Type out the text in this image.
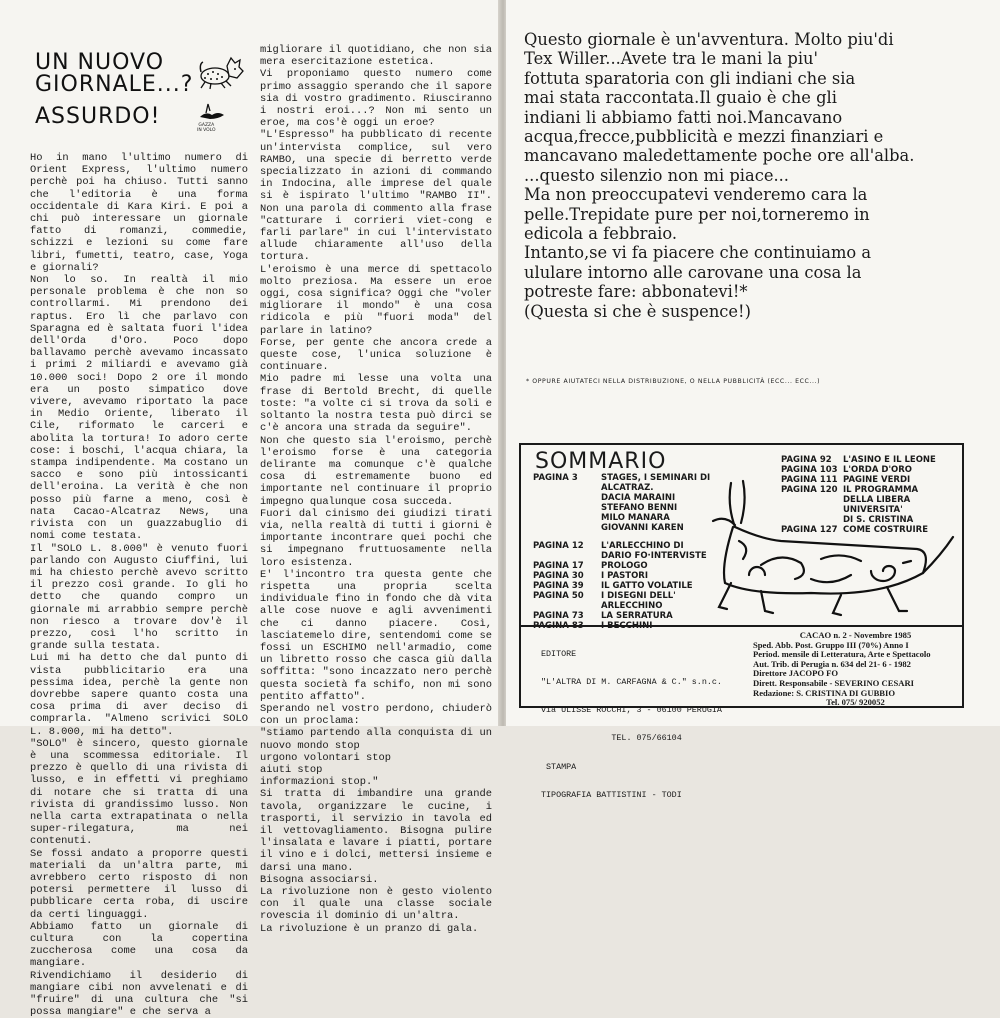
UN NUOVO
GIORNALE...?
ASSURDO!	GAZZA
IN VOLO

Ho in mano l'ultimo numero di Orient Express, l'ultimo numero perchè poi ha chiuso. Tutti sanno che l'editoria è una forma occidentale di Kara Kiri. E poi a chi può interessare un giornale fatto di romanzi, commedie, schizzi e lezioni su come fare libri, fumetti, teatro, case, Yoga e giornali?

Non lo so. In realtà il mio personale problema è che non so controllarmi. Mi prendono dei raptus. Ero lì che parlavo con Sparagna ed è saltata fuori l'idea dell'Orda d'Oro. Poco dopo ballavamo perchè avevamo incassato i primi 2 miliardi e avevamo già 10.000 soci! Dopo 2 ore il mondo era un posto simpatico dove vivere, avevamo riportato la pace in Medio Oriente, liberato il Cile, riformato le carceri e abolita la tortura! Io adoro certe cose: i boschi, l'acqua chiara, la stampa indipendente. Ma costano un sacco e sono più intossicanti dell'eroina. La verità è che non posso più farne a meno, così è nata Cacao-Alcatraz News, una rivista con un guazzabuglio di nomi come testata.

Il "SOLO L. 8.000" è venuto fuori parlando con Augusto Ciuffini, lui mi ha chiesto perchè avevo scritto il prezzo così grande. Io gli ho detto che quando compro un giornale mi arrabbio sempre perchè non riesco a trovare dov'è il prezzo, così l'ho scritto in grande sulla testata.

Lui mi ha detto che dal punto di vista pubblicitario era una pessima idea, perchè la gente non dovrebbe sapere quanto costa una cosa prima di aver deciso di comprarla. "Almeno scrivici SOLO L. 8.000, mi ha detto".

"SOLO" è sincero, questo giornale è una scommessa editoriale. Il prezzo è quello di una rivista di lusso, e in effetti vi preghiamo di notare che si tratta di una rivista di grandissimo lusso. Non nella carta extrapatinata o nella super-rilegatura, ma nei contenuti.

Se fossi andato a proporre questi materiali da un'altra parte, mi avrebbero certo risposto di non potersi permettere il lusso di pubblicare certa roba, di uscire da certi linguaggi.

Abbiamo fatto un giornale di cultura con la copertina zuccherosa come una cosa da mangiare.

Rivendichiamo il desiderio di mangiare cibi non avvelenati e di "fruire" di una cultura che "si possa mangiare" e che serva a

migliorare il quotidiano, che non sia mera esercitazione estetica.

Vi proponiamo questo numero come primo assaggio sperando che il sapore sia di vostro gradimento. Riusciranno i nostri eroi...? Non mi sento un eroe, ma cos'è oggi un eroe?

"L'Espresso" ha pubblicato di recente un'intervista complice, sul vero RAMBO, una specie di berretto verde specializzato in azioni di commando in Indocina, alle imprese del quale si è ispirato l'ultimo "RAMBO II". Non una parola di commento alla frase "catturare i corrieri viet-cong e farli parlare" in cui l'intervistato allude chiaramente all'uso della tortura.

L'eroismo è una merce di spettacolo molto preziosa. Ma essere un eroe oggi, cosa significa? Oggi che "voler migliorare il mondo" è una cosa ridicola e più "fuori moda" del parlare in latino?

Forse, per gente che ancora crede a queste cose, l'unica soluzione è continuare.

Mio padre mi lesse una volta una frase di Bertold Brecht, di quelle toste: "a volte ci si trova da soli e soltanto la nostra testa può dirci se c'è ancora una strada da seguire".

Non che questo sia l'eroismo, perchè l'eroismo forse è una categoria delirante ma comunque c'è qualche cosa di estremamente buono ed importante nel continuare il proprio impegno qualunque cosa succeda.

Fuori dal cinismo dei giudizi tirati via, nella realtà di tutti i giorni è importante incontrare quei pochi che si impegnano fruttuosamente nella loro esistenza.

E' l'incontro tra questa gente che rispetta una propria scelta individuale fino in fondo che dà vita alle cose nuove e agli avvenimenti che ci danno piacere. Così, lasciatemelo dire, sentendomi come se fossi un ESCHIMO nell'armadio, come un libretto rosso che casca giù dalla soffitta: "sono incazzato nero perchè questa società fa schifo, non mi sono pentito affatto".

Sperando nel vostro perdono, chiuderò con un proclama:

"stiamo partendo alla conquista di un nuovo mondo stop

urgono volontari stop

aiuti stop

informazioni stop."

Si tratta di imbandire una grande tavola, organizzare le cucine, i trasporti, il servizio in tavola ed il vettovagliamento. Bisogna pulire l'insalata e lavare i piatti, portare il vino e i dolci, mettersi insieme e darsi una mano.

Bisogna associarsi.

La rivoluzione non è gesto violento con il quale una classe sociale rovescia il dominio di un'altra.

La rivoluzione è un pranzo di gala.

Questo giornale è un'avventura. Molto piu'di

Tex Willer...Avete tra le mani la piu'

fottuta sparatoria con gli indiani che sia

mai stata raccontata.Il guaio è che gli

indiani li abbiamo fatti noi.Mancavano

acqua,frecce,pubblicità e mezzi finanziari e

mancavano maledettamente poche ore all'alba.

...questo silenzio non mi piace...

Ma non preoccupatevi venderemo cara la

pelle.Trepidate pure per noi,torneremo in

edicola a febbraio.

Intanto,se vi fa piacere che continuiamo a

ululare intorno alle carovane una cosa la

potreste fare: abbonatevi!*

(Questa si che è suspence!)

* OPPURE AIUTATECI NELLA DISTRIBUZIONE, O NELLA PUBBLICITÀ (ECC... ECC...)
SOMMARIO
PAGINA 3	STAGES, I SEMINARI DI
ALCATRAZ.
DACIA MARAINI
STEFANO BENNI
MILO MANARA
GIOVANNI KAREN
PAGINA 12	L'ARLECCHINO DI
DARIO FO·INTERVISTE
PAGINA 17	PROLOGO
PAGINA 30	I PASTORI
PAGINA 39	IL GATTO VOLATILE
PAGINA 50	I DISEGNI DELL'
ARLECCHINO
PAGINA 73	LA SERRATURA
PAGINA 83	I BECCHINI
PAGINA 92	L'ASINO E IL LEONE
PAGINA 103 L'ORDA D'ORO
PAGINA 111 PAGINE VERDI
PAGINA 120 IL PROGRAMMA
DELLA LIBERA
UNIVERSITA'
DI S. CRISTINA
PAGINA 127 COME COSTRUIRE

EDITORE

"L'ALTRA DI M. CARFAGNA & C." s.n.c.

via ULISSE ROCCHI, 3 - 06100 PERUGIA

TEL. 075/66104

STAMPA

TIPOGRAFIA BATTISTINI - TODI

CACAO n. 2 - Novembre 1985
Sped. Abb. Post. Gruppo III (70%) Anno I
Period. mensile di Letteratura, Arte e Spettacolo
Aut. Trib. di Perugia n. 634 del 21- 6 - 1982
Direttore JACOPO FO
Dirett. Responsabile - SEVERINO CESARI
Redazione: S. CRISTINA DI GUBBIO
Tel. 075/ 920052
